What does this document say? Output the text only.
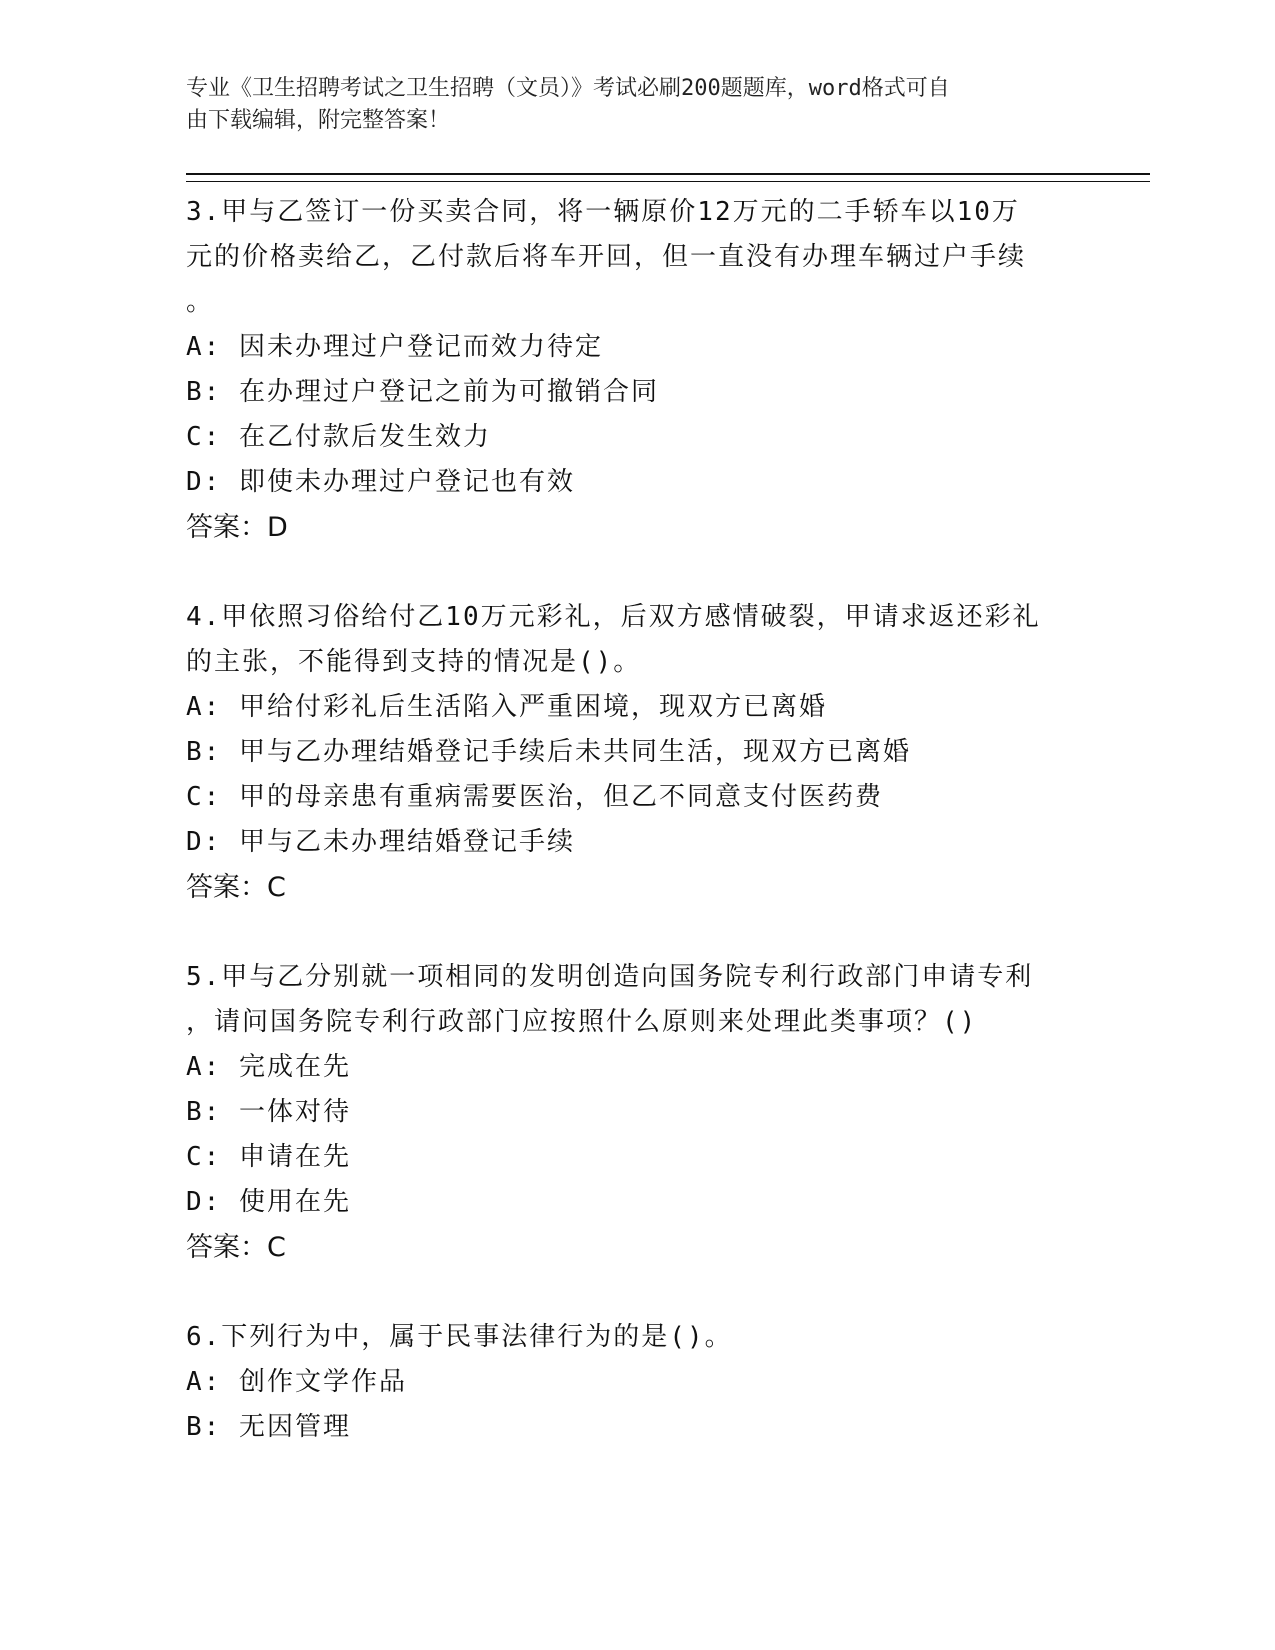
专业《卫生招聘考试之卫生招聘（文员）》考试必刷200题题库，word格式可自
由下载编辑，附完整答案！

3.甲与乙签订一份买卖合同，将一辆原价12万元的二手轿车以10万

元的价格卖给乙，乙付款后将车开回，但一直没有办理车辆过户手续

。

A: 因未办理过户登记而效力待定

B: 在办理过户登记之前为可撤销合同

C: 在乙付款后发生效力

D: 即使未办理过户登记也有效

答案：D

4.甲依照习俗给付乙10万元彩礼，后双方感情破裂，甲请求返还彩礼

的主张，不能得到支持的情况是()。

A: 甲给付彩礼后生活陷入严重困境，现双方已离婚

B: 甲与乙办理结婚登记手续后未共同生活，现双方已离婚

C: 甲的母亲患有重病需要医治，但乙不同意支付医药费

D: 甲与乙未办理结婚登记手续

答案：C

5.甲与乙分别就一项相同的发明创造向国务院专利行政部门申请专利

，请问国务院专利行政部门应按照什么原则来处理此类事项？()

A: 完成在先

B: 一体对待

C: 申请在先

D: 使用在先

答案：C

6.下列行为中，属于民事法律行为的是()。

A: 创作文学作品

B: 无因管理
